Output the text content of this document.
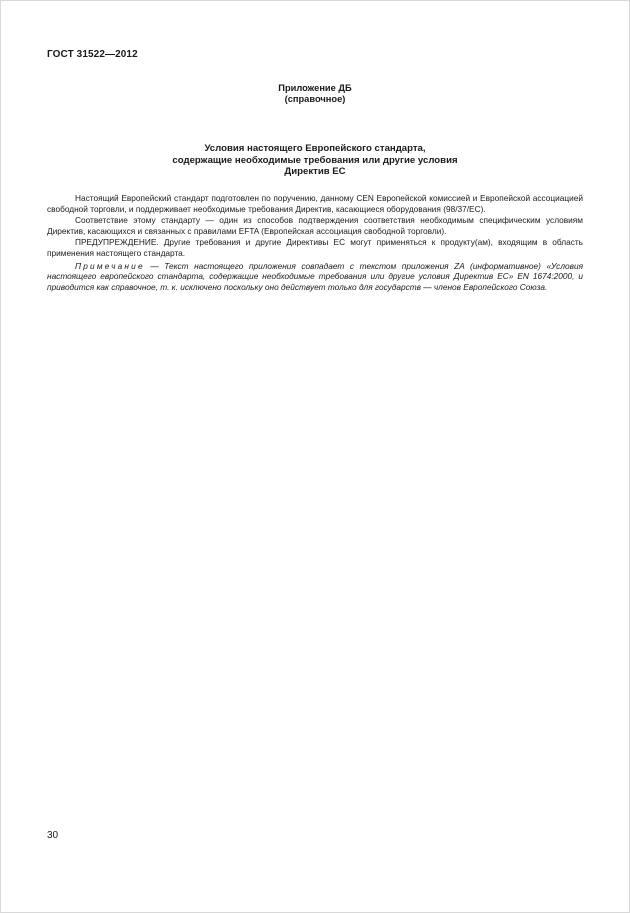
ГОСТ 31522—2012
Приложение ДБ
(справочное)
Условия настоящего Европейского стандарта,
содержащие необходимые требования или другие условия
Директив ЕС

Настоящий Европейский стандарт подготовлен по поручению, данному CEN Европейской комиссией и Европейской ассоциацией свободной торговли, и поддерживает необходимые требования Директив, касающиеся оборудования (98/37/EC).

Соответствие этому стандарту — один из способов подтверждения соответствия необходимым специфическим условиям Директив, касающихся и связанных с правилами EFTA (Европейская ассоциация свободной торговли).

ПРЕДУПРЕЖДЕНИЕ. Другие требования и другие Директивы ЕС могут применяться к продукту(ам), входящим в область применения настоящего стандарта.

Примечание — Текст настоящего приложения совпадает с текстом приложения ZA (информативное) «Условия настоящего европейского стандарта, содержащие необходимые требования или другие условия Директив ЕС» EN 1674:2000, и приводится как справочное, т. к. исключено поскольку оно действует только для государств — членов Европейского Союза.

30
